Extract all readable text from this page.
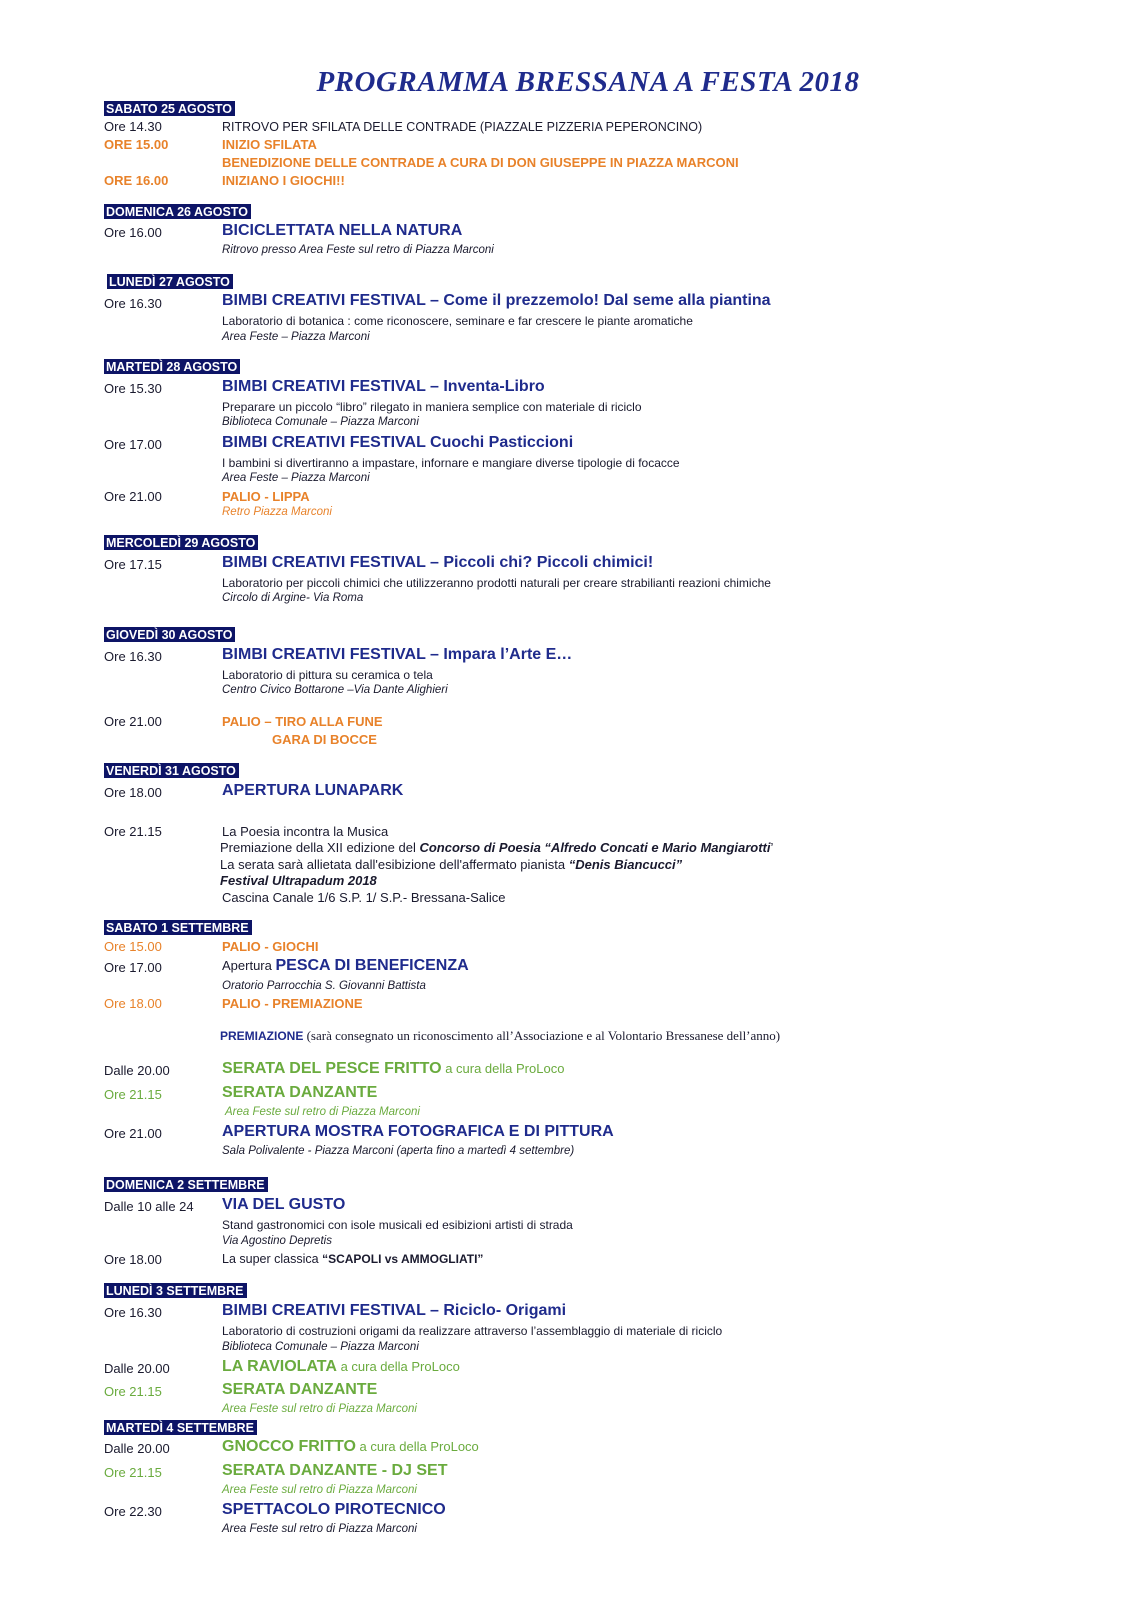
PROGRAMMA BRESSANA A FESTA 2018
SABATO 25 AGOSTO
Ore 14.30	RITROVO PER SFILATA DELLE CONTRADE (PIAZZALE PIZZERIA PEPERONCINO)
ORE 15.00	INIZIO SFILATA
BENEDIZIONE DELLE CONTRADE A CURA DI DON GIUSEPPE IN PIAZZA MARCONI
ORE 16.00	INIZIANO I GIOCHI!!
DOMENICA 26 AGOSTO
Ore 16.00	BICICLETTATA NELLA NATURA
Ritrovo presso Area Feste sul retro di Piazza Marconi
LUNEDÌ 27 AGOSTO
Ore 16.30	BIMBI CREATIVI FESTIVAL – Come il prezzemolo! Dal seme alla piantina
Laboratorio di botanica : come riconoscere, seminare e far crescere le piante aromatiche
Area Feste – Piazza Marconi
MARTEDÌ 28 AGOSTO
Ore 15.30	BIMBI CREATIVI FESTIVAL – Inventa-Libro
Preparare un piccolo “libro” rilegato in maniera semplice con materiale di riciclo
Biblioteca Comunale – Piazza Marconi
Ore 17.00	BIMBI CREATIVI FESTIVAL Cuochi Pasticcioni
I bambini si divertiranno a impastare, infornare e mangiare diverse tipologie di focacce
Area Feste – Piazza Marconi
Ore 21.00	PALIO - LIPPA
Retro Piazza Marconi
MERCOLEDÌ 29 AGOSTO
Ore 17.15	BIMBI CREATIVI FESTIVAL – Piccoli chi? Piccoli chimici!
Laboratorio per piccoli chimici che utilizzeranno prodotti naturali per creare strabilianti reazioni chimiche
Circolo di Argine- Via Roma
GIOVEDÌ 30 AGOSTO
Ore 16.30	BIMBI CREATIVI FESTIVAL – Impara l’Arte E…
Laboratorio di pittura su ceramica o tela
Centro Civico Bottarone –Via Dante Alighieri
Ore 21.00	PALIO – TIRO ALLA FUNE
GARA DI BOCCE
VENERDÌ 31 AGOSTO
Ore 18.00	APERTURA LUNAPARK
Ore 21.15	La Poesia incontra la Musica
Premiazione della XII edizione del Concorso di Poesia “Alfredo Concati e Mario Mangiarotti’
La serata sarà allietata dall'esibizione dell'affermato pianista “Denis Biancucci”
Festival Ultrapadum 2018
Cascina Canale 1/6 S.P. 1/ S.P.- Bressana-Salice
SABATO 1 SETTEMBRE
Ore 15.00	PALIO - GIOCHI
Ore 17.00	Apertura PESCA DI BENEFICENZA
Oratorio Parrocchia S. Giovanni Battista
Ore 18.00	PALIO - PREMIAZIONE
PREMIAZIONE (sarà consegnato un riconoscimento all’Associazione e al Volontario Bressanese dell’anno)
Dalle 20.00	SERATA DEL PESCE FRITTO a cura della ProLoco
Ore 21.15	SERATA DANZANTE
Area Feste sul retro di Piazza Marconi
Ore 21.00	APERTURA MOSTRA FOTOGRAFICA E DI PITTURA
Sala Polivalente - Piazza Marconi (aperta fino a martedì 4 settembre)
DOMENICA 2 SETTEMBRE
Dalle 10 alle 24 VIA DEL GUSTO
Stand gastronomici con isole musicali ed esibizioni artisti di strada
Via Agostino Depretis
Ore 18.00	La super classica “SCAPOLI vs AMMOGLIATI”
LUNEDÌ 3 SETTEMBRE
Ore 16.30	BIMBI CREATIVI FESTIVAL – Riciclo- Origami
Laboratorio di costruzioni origami da realizzare attraverso l’assemblaggio di materiale di riciclo
Biblioteca Comunale – Piazza Marconi
Dalle 20.00	LA RAVIOLATA a cura della ProLoco
Ore 21.15	SERATA DANZANTE
Area Feste sul retro di Piazza Marconi
MARTEDÌ 4 SETTEMBRE
Dalle 20.00	GNOCCO FRITTO a cura della ProLoco
Ore 21.15	SERATA DANZANTE - DJ SET
Area Feste sul retro di Piazza Marconi
Ore 22.30	SPETTACOLO PIROTECNICO
Area Feste sul retro di Piazza Marconi
